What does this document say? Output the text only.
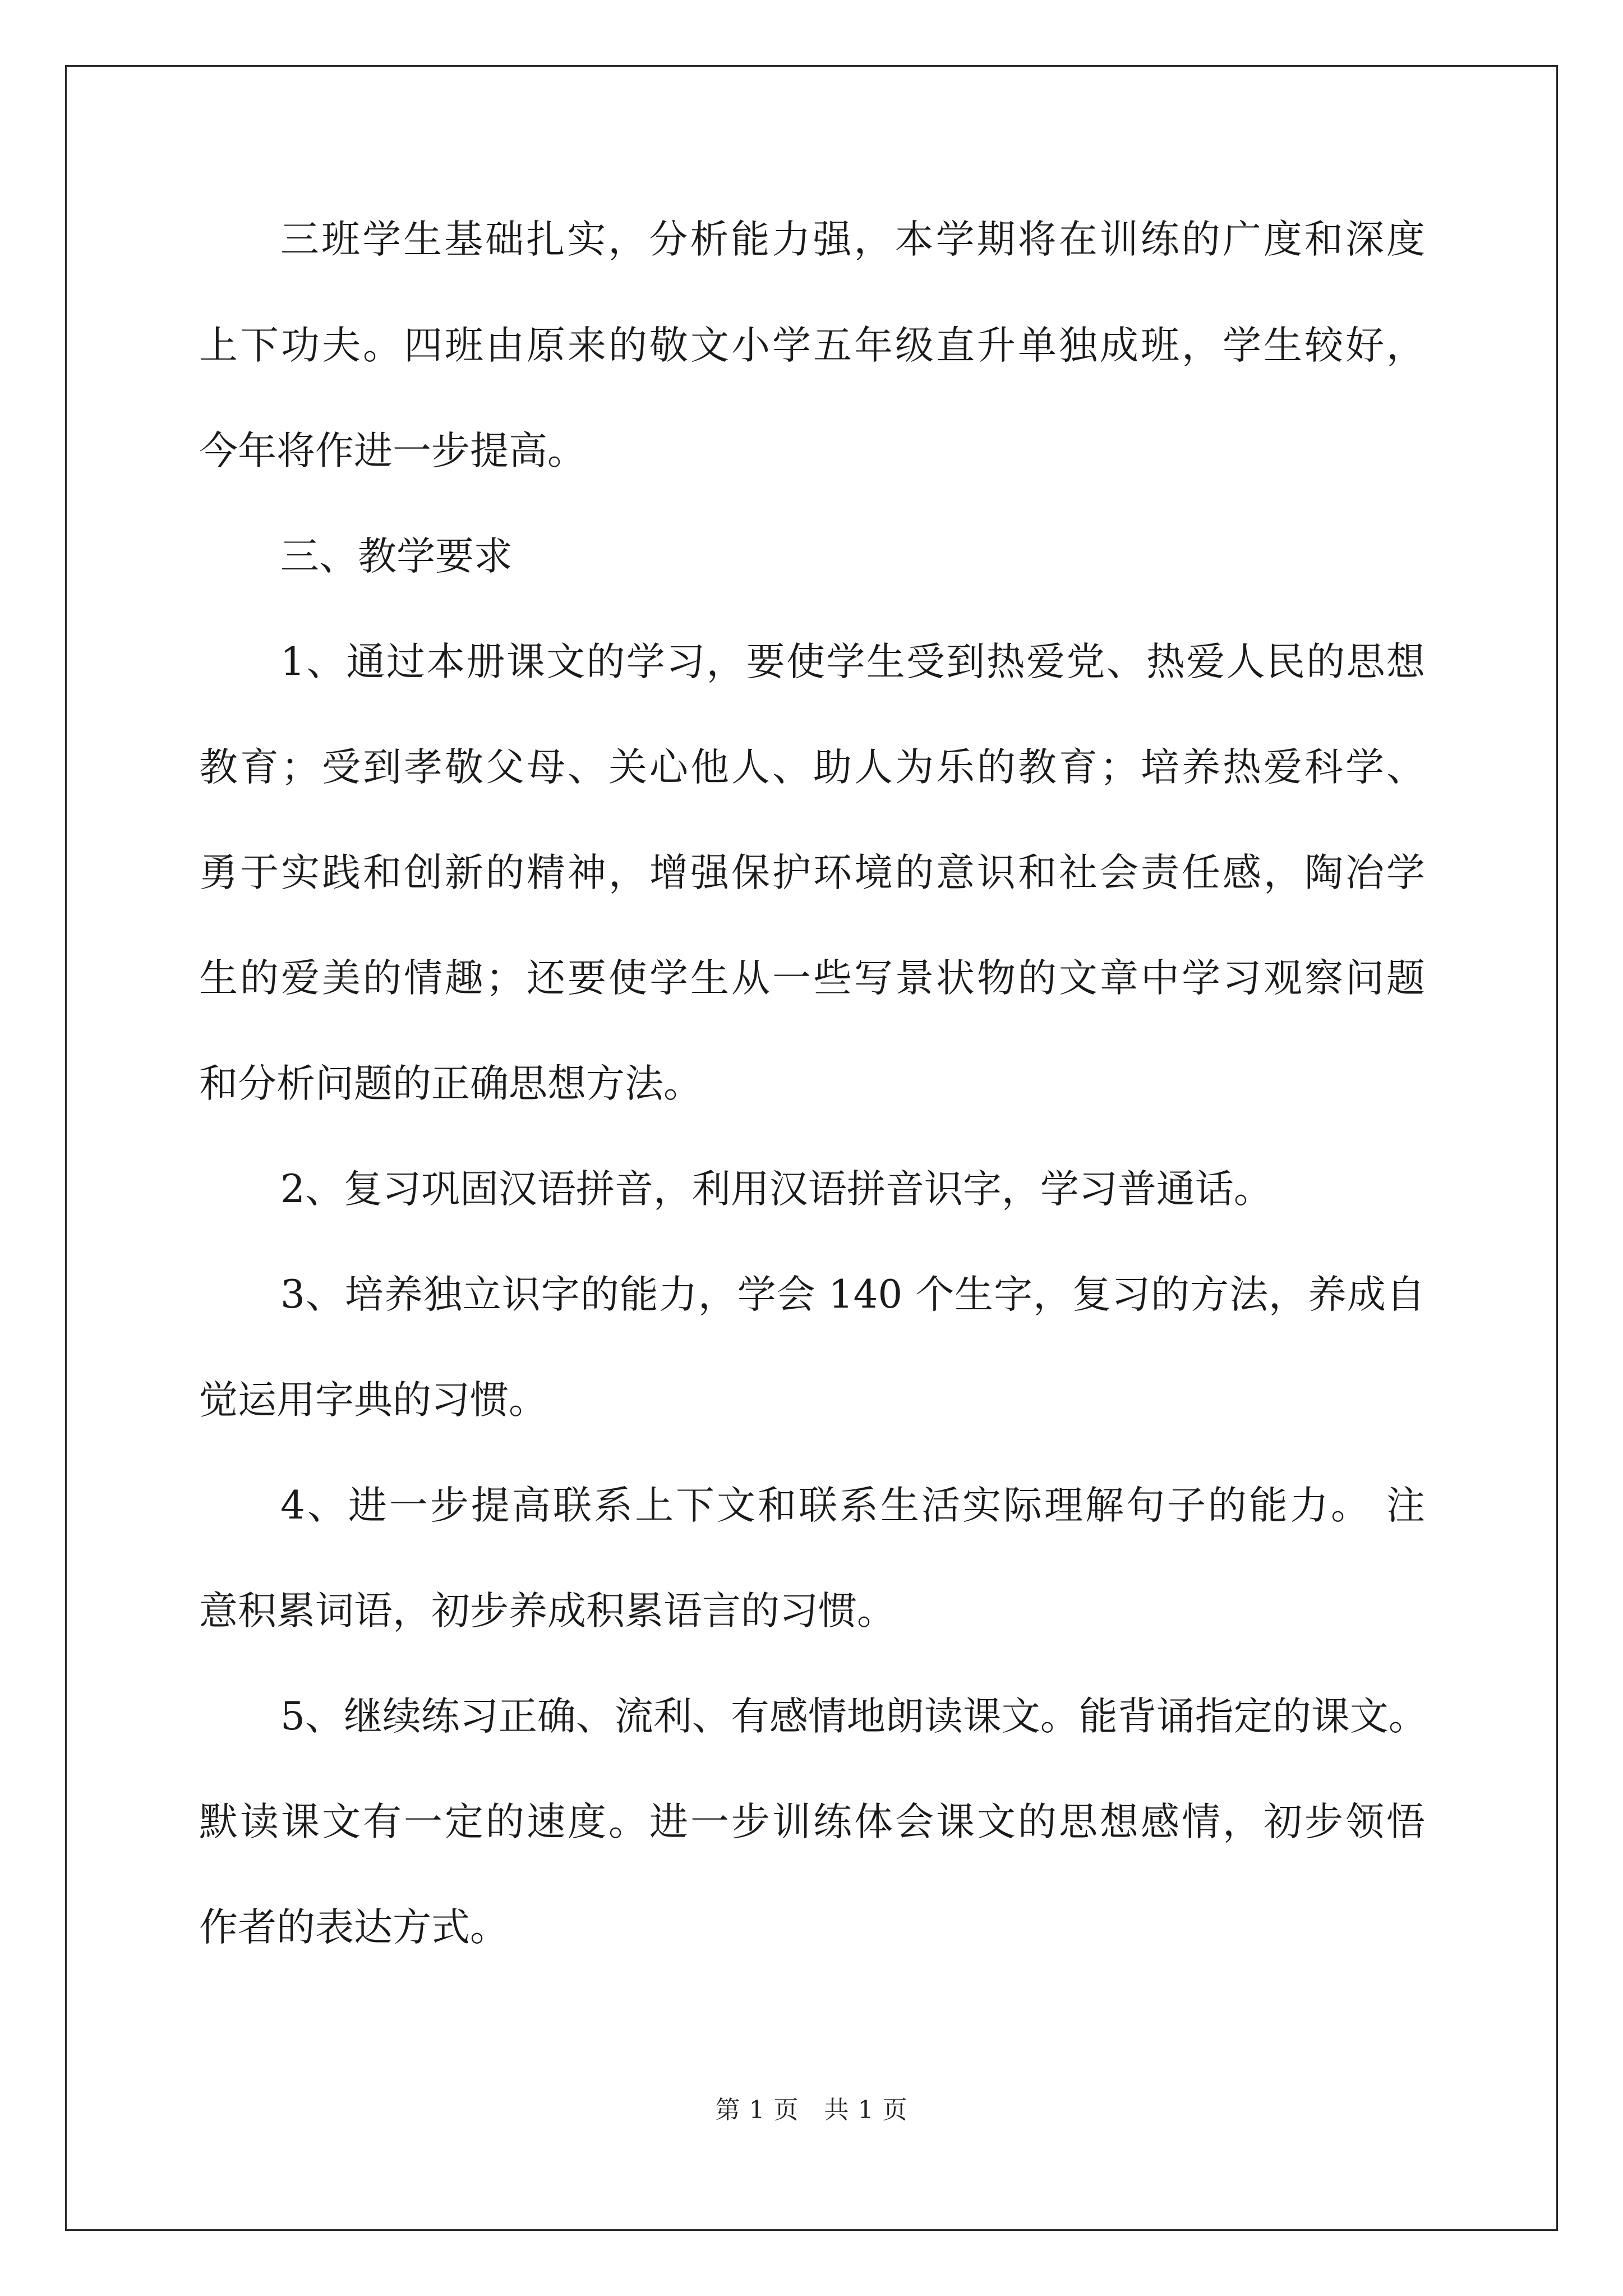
三班学生基础扎实，分析能力强，本学期将在训练的广度和深度
上下功夫。四班由原来的敬文小学五年级直升单独成班，学生较好，
今年将作进一步提高。
三、教学要求
1、通过本册课文的学习，要使学生受到热爱党、热爱人民的思想
教育；受到孝敬父母、关心他人、助人为乐的教育；培养热爱科学、
勇于实践和创新的精神，增强保护环境的意识和社会责任感，陶冶学
生的爱美的情趣；还要使学生从一些写景状物的文章中学习观察问题
和分析问题的正确思想方法。
2、复习巩固汉语拼音，利用汉语拼音识字，学习普通话。
3、培养独立识字的能力，学会 140 个生字，复习的方法，养成自
觉运用字典的习惯。
4、进一步提高联系上下文和联系生活实际理解句子的能力。 注
意积累词语，初步养成积累语言的习惯。
5、继续练习正确、流利、有感情地朗读课文。能背诵指定的课文。
默读课文有一定的速度。进一步训练体会课文的思想感情，初步领悟
作者的表达方式。
第 1 页　共 1 页
